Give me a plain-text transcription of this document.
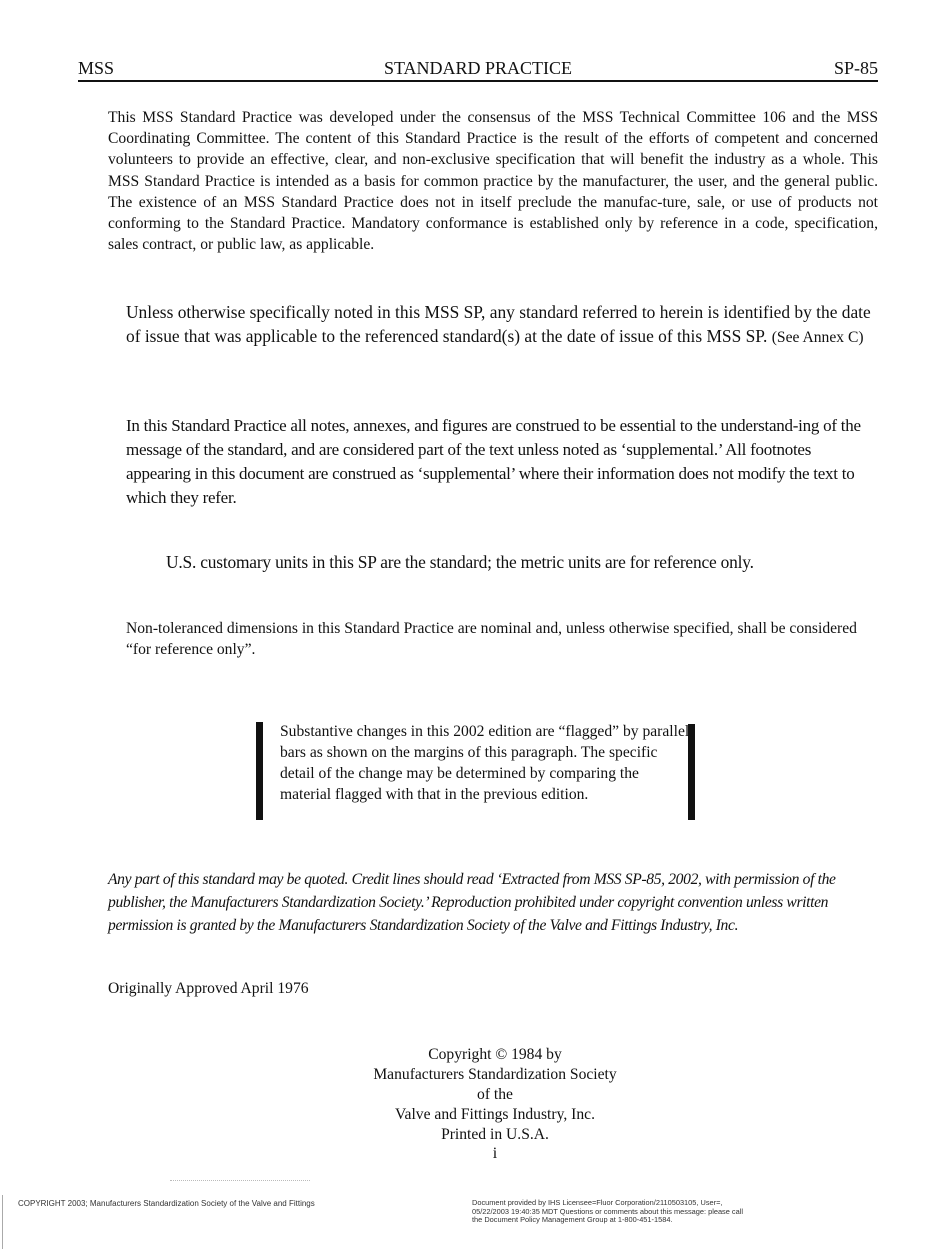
MSS	STANDARD PRACTICE	SP-85

This MSS Standard Practice was developed under the consensus of the MSS Technical Committee 106 and the MSS Coordinating Committee. The content of this Standard Practice is the result of the efforts of competent and concerned volunteers to provide an effective, clear, and non-exclusive specification that will benefit the industry as a whole. This MSS Standard Practice is intended as a basis for common practice by the manufacturer, the user, and the general public. The existence of an MSS Standard Practice does not in itself preclude the manufac-ture, sale, or use of products not conforming to the Standard Practice. Mandatory conformance is established only by reference in a code, specification, sales contract, or public law, as applicable.

Unless otherwise specifically noted in this MSS SP, any standard referred to herein is identified by the date of issue that was applicable to the referenced standard(s) at the date of issue of this MSS SP. (See Annex C)

In this Standard Practice all notes, annexes, and figures are construed to be essential to the understand-ing of the message of the standard, and are considered part of the text unless noted as ‘supplemental.’ All footnotes appearing in this document are construed as ‘supplemental’ where their information does not modify the text to which they refer.

U.S. customary units in this SP are the standard; the metric units are for reference only.

Non-toleranced dimensions in this Standard Practice are nominal and, unless otherwise specified, shall be considered “for reference only”.

Substantive changes in this 2002 edition are “flagged” by parallel bars as shown on the margins of this paragraph. The specific detail of the change may be determined by comparing the material flagged with that in the previous edition.

Any part of this standard may be quoted. Credit lines should read ‘Extracted from MSS SP-85, 2002, with permission of the publisher, the Manufacturers Standardization Society.’ Reproduction prohibited under copyright convention unless written permission is granted by the Manufacturers Standardization Society of the Valve and Fittings Industry, Inc.

Originally Approved April 1976

Copyright © 1984 by
Manufacturers Standardization Society
of the
Valve and Fittings Industry, Inc.
Printed in U.S.A.
i
COPYRIGHT 2003; Manufacturers Standardization Society of the Valve and Fittings	Document provided by IHS Licensee=Fluor Corporation/2110503105, User=,
05/22/2003 19:40:35 MDT Questions or comments about this message: please call
the Document Policy Management Group at 1-800-451-1584.
